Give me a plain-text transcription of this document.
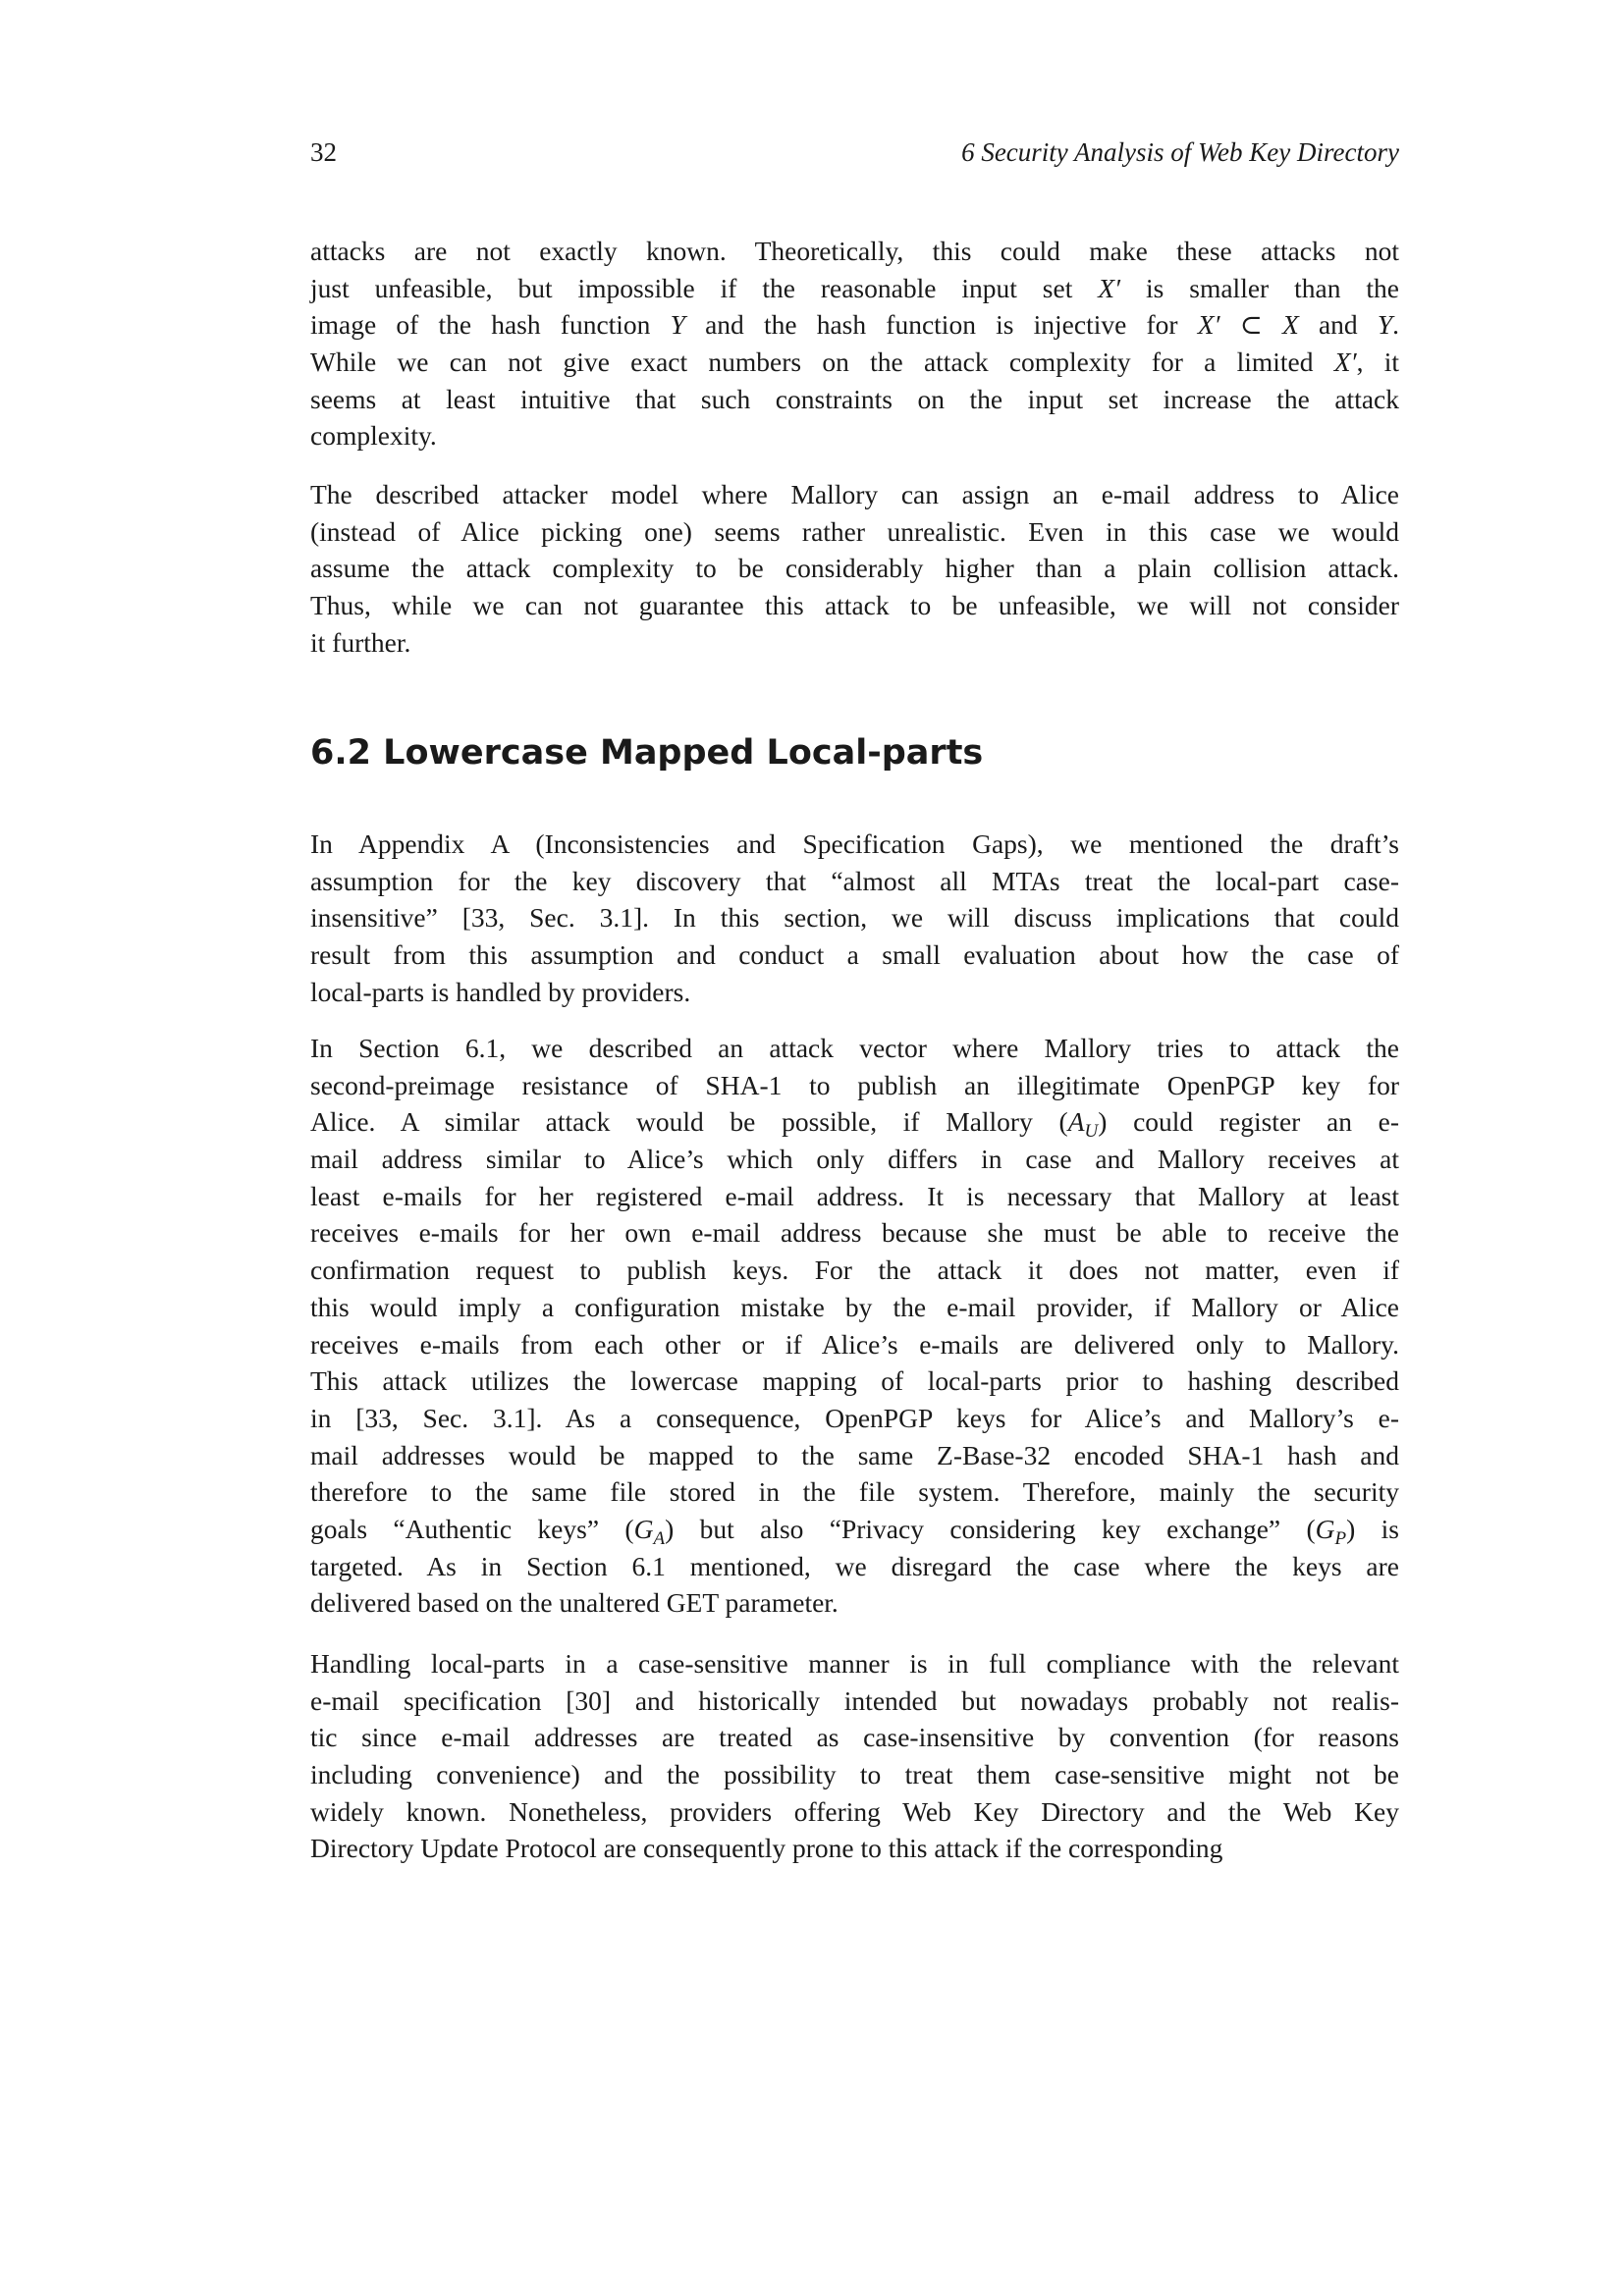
32	6 Security Analysis of Web Key Directory
attacks are not exactly known. Theoretically, this could make these attacks not
just unfeasible, but impossible if the reasonable input set X′ is smaller than the
image of the hash function Y and the hash function is injective for X′ ⊂ X and Y.
While we can not give exact numbers on the attack complexity for a limited X′, it
seems at least intuitive that such constraints on the input set increase the attack
complexity.
The described attacker model where Mallory can assign an e-mail address to Alice
(instead of Alice picking one) seems rather unrealistic. Even in this case we would
assume the attack complexity to be considerably higher than a plain collision attack.
Thus, while we can not guarantee this attack to be unfeasible, we will not consider
it further.
6.2 Lowercase Mapped Local-parts
In Appendix A (Inconsistencies and Specification Gaps), we mentioned the draft’s
assumption for the key discovery that “almost all MTAs treat the local-part case-
insensitive” [33, Sec. 3.1]. In this section, we will discuss implications that could
result from this assumption and conduct a small evaluation about how the case of
local-parts is handled by providers.
In Section 6.1, we described an attack vector where Mallory tries to attack the
second-preimage resistance of SHA-1 to publish an illegitimate OpenPGP key for
Alice. A similar attack would be possible, if Mallory $(A_U)$ could register an e-
mail address similar to Alice’s which only differs in case and Mallory receives at
least e-mails for her registered e-mail address. It is necessary that Mallory at least
receives e-mails for her own e-mail address because she must be able to receive the
confirmation request to publish keys. For the attack it does not matter, even if
this would imply a configuration mistake by the e-mail provider, if Mallory or Alice
receives e-mails from each other or if Alice’s e-mails are delivered only to Mallory.
This attack utilizes the lowercase mapping of local-parts prior to hashing described
in [33, Sec. 3.1]. As a consequence, OpenPGP keys for Alice’s and Mallory’s e-
mail addresses would be mapped to the same Z-Base-32 encoded SHA-1 hash and
therefore to the same file stored in the file system. Therefore, mainly the security
goals “Authentic keys” $(G_A)$ but also “Privacy considering key exchange” $(G_P)$ is
targeted. As in Section 6.1 mentioned, we disregard the case where the keys are
delivered based on the unaltered GET parameter.
Handling local-parts in a case-sensitive manner is in full compliance with the relevant
e-mail specification [30] and historically intended but nowadays probably not realis-
tic since e-mail addresses are treated as case-insensitive by convention (for reasons
including convenience) and the possibility to treat them case-sensitive might not be
widely known. Nonetheless, providers offering Web Key Directory and the Web Key
Directory Update Protocol are consequently prone to this attack if the corresponding
